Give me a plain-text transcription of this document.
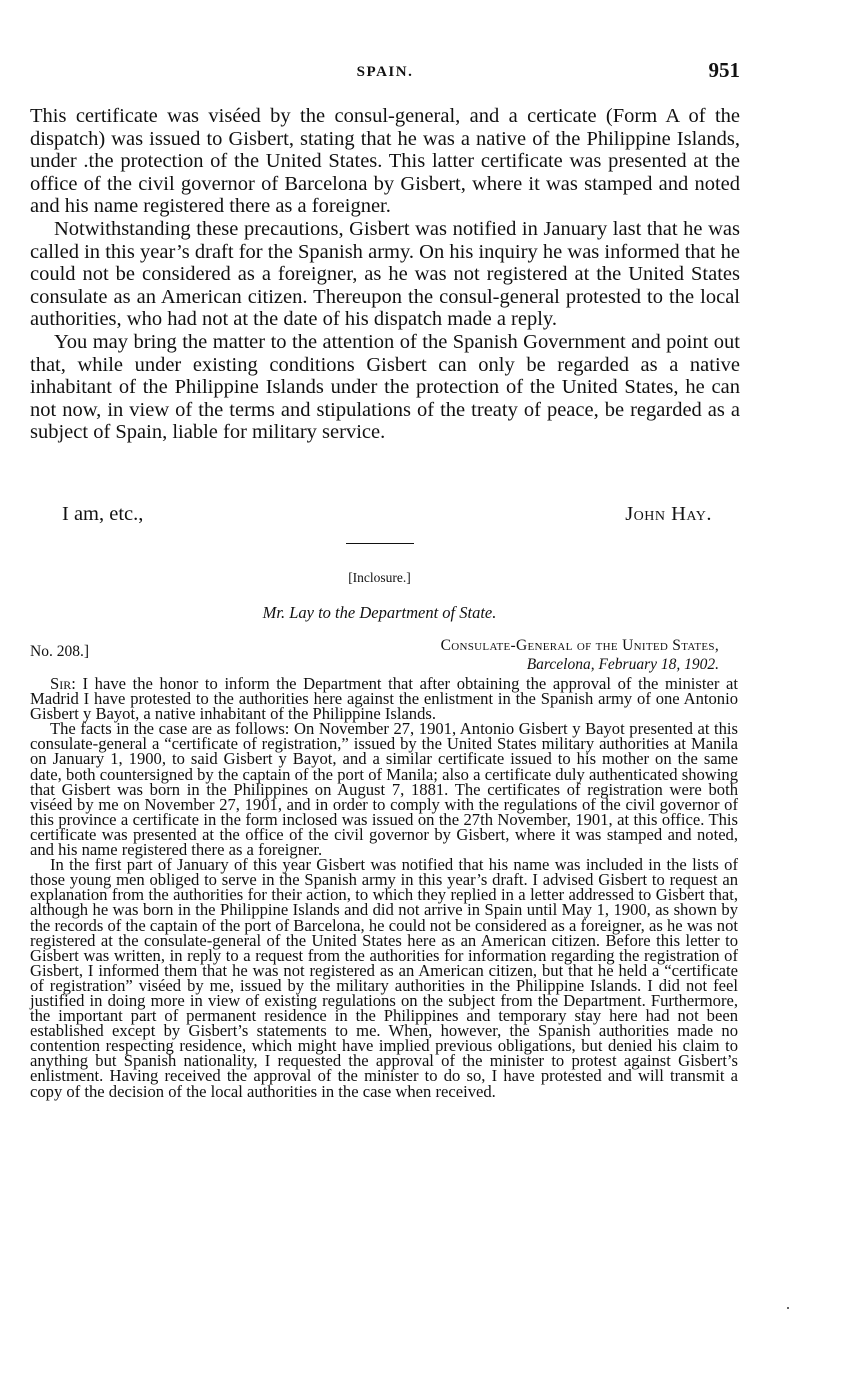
SPAIN.	951

This certificate was viséed by the consul-general, and a certicate (Form A of the dispatch) was issued to Gisbert, stating that he was a native of the Philippine Islands, under .the protection of the United States. This latter certificate was presented at the office of the civil governor of Barcelona by Gisbert, where it was stamped and noted and his name registered there as a foreigner.

Notwithstanding these precautions, Gisbert was notified in January last that he was called in this year’s draft for the Spanish army. On his inquiry he was informed that he could not be considered as a foreigner, as he was not registered at the United States consulate as an American citizen. Thereupon the consul-general protested to the local authorities, who had not at the date of his dispatch made a reply.

You may bring the matter to the attention of the Spanish Government and point out that, while under existing conditions Gisbert can only be regarded as a native inhabitant of the Philippine Islands under the protection of the United States, he can not now, in view of the terms and stipulations of the treaty of peace, be regarded as a subject of Spain, liable for military service.

I am, etc.,	John Hay.
[Inclosure.]
Mr. Lay to the Department of State.
No. 208.]	Consulate-General of the United States,
Barcelona, February 18, 1902.

Sir: I have the honor to inform the Department that after obtaining the approval of the minister at Madrid I have protested to the authorities here against the enlistment in the Spanish army of one Antonio Gisbert y Bayot, a native inhabitant of the Philippine Islands.

The facts in the case are as follows: On November 27, 1901, Antonio Gisbert y Bayot presented at this consulate-general a “certificate of registration,” issued by the United States military authorities at Manila on January 1, 1900, to said Gisbert y Bayot, and a similar certificate issued to his mother on the same date, both countersigned by the captain of the port of Manila; also a certificate duly authenticated showing that Gisbert was born in the Philippines on August 7, 1881. The certificates of registration were both viséed by me on November 27, 1901, and in order to comply with the regulations of the civil governor of this province a certificate in the form inclosed was issued on the 27th November, 1901, at this office. This certificate was presented at the office of the civil governor by Gisbert, where it was stamped and noted, and his name registered there as a foreigner.

In the first part of January of this year Gisbert was notified that his name was included in the lists of those young men obliged to serve in the Spanish army in this year’s draft. I advised Gisbert to request an explanation from the authorities for their action, to which they replied in a letter addressed to Gisbert that, although he was born in the Philippine Islands and did not arrive in Spain until May 1, 1900, as shown by the records of the captain of the port of Barcelona, he could not be considered as a foreigner, as he was not registered at the consulate-general of the United States here as an American citizen. Before this letter to Gisbert was written, in reply to a request from the authorities for information regarding the registration of Gisbert, I informed them that he was not registered as an American citizen, but that he held a “certificate of registration” viséed by me, issued by the military authorities in the Philippine Islands. I did not feel justified in doing more in view of existing regulations on the subject from the Department. Furthermore, the important part of permanent residence in the Philippines and temporary stay here had not been established except by Gisbert’s statements to me. When, however, the Spanish authorities made no contention respecting residence, which might have implied previous obligations, but denied his claim to anything but Spanish nationality, I requested the approval of the minister to protest against Gisbert’s enlistment. Having received the approval of the minister to do so, I have protested and will transmit a copy of the decision of the local authorities in the case when received.
